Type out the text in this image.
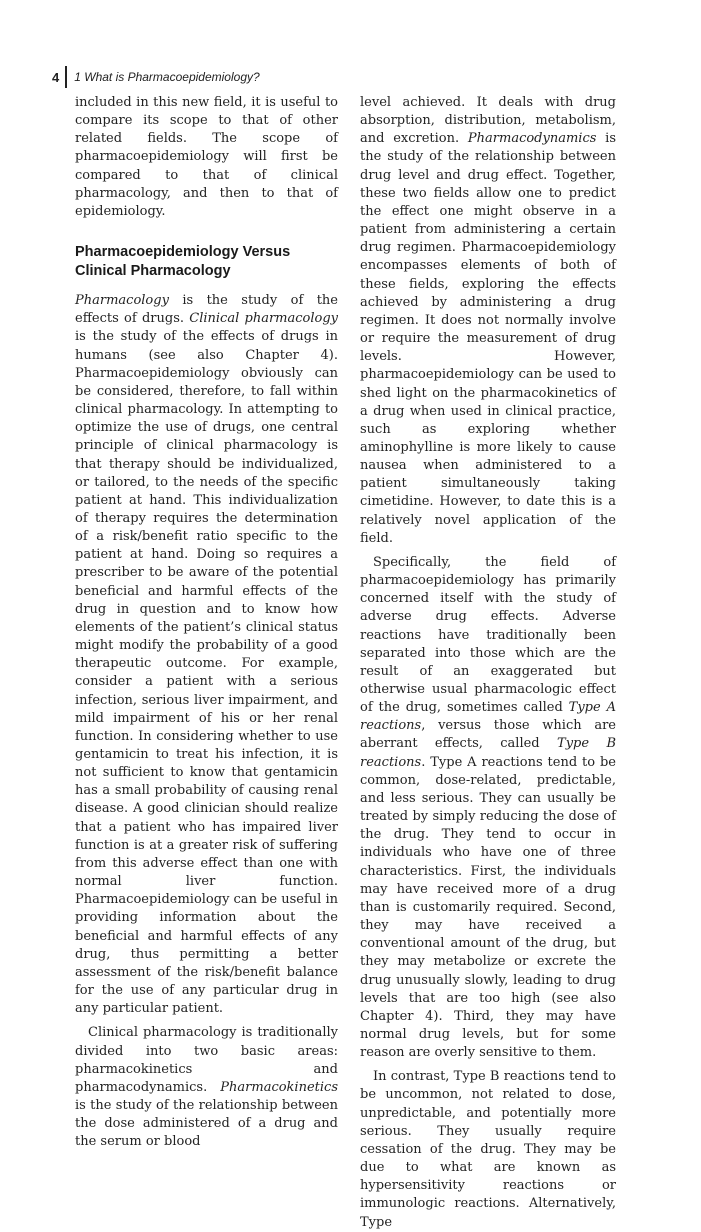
4 1 What is Pharmacoepidemiology?

included in this new field, it is useful to compare its scope to that of other related fields. The scope of pharmacoepidemiology will first be compared to that of clinical pharmacology, and then to that of epidemiology.

Pharmacoepidemiology Versus
Clinical Pharmacology

Pharmacology is the study of the effects of drugs. Clinical pharmacology is the study of the effects of drugs in humans (see also Chapter 4). Pharmacoepidemiology obviously can be considered, therefore, to fall within clinical pharmacology. In attempting to optimize the use of drugs, one central principle of clinical pharmacology is that therapy should be individualized, or tailored, to the needs of the specific patient at hand. This individualization of therapy requires the determination of a risk/benefit ratio specific to the patient at hand. Doing so requires a prescriber to be aware of the potential beneficial and harmful effects of the drug in question and to know how elements of the patient’s clinical status might modify the probability of a good therapeutic outcome. For example, consider a patient with a serious infection, serious liver impairment, and mild impairment of his or her renal function. In considering whether to use gentamicin to treat his infection, it is not sufficient to know that gentamicin has a small probability of causing renal disease. A good clinician should realize that a patient who has impaired liver function is at a greater risk of suffering from this adverse effect than one with normal liver function. Pharmacoepidemiology can be useful in providing information about the beneficial and harmful effects of any drug, thus permitting a better assessment of the risk/benefit balance for the use of any particular drug in any particular patient.

Clinical pharmacology is traditionally divided into two basic areas: pharmacokinetics and pharmacodynamics. Pharmacokinetics is the study of the relationship between the dose administered of a drug and the serum or blood

level achieved. It deals with drug absorption, distribution, metabolism, and excretion. Pharmacodynamics is the study of the relationship between drug level and drug effect. Together, these two fields allow one to predict the effect one might observe in a patient from administering a certain drug regimen. Pharmacoepidemiology encompasses elements of both of these fields, exploring the effects achieved by administering a drug regimen. It does not normally involve or require the measurement of drug levels. However, pharmacoepidemiology can be used to shed light on the pharmacokinetics of a drug when used in clinical practice, such as exploring whether aminophylline is more likely to cause nausea when administered to a patient simultaneously taking cimetidine. However, to date this is a relatively novel application of the field.

Specifically, the field of pharmacoepidemiology has primarily concerned itself with the study of adverse drug effects. Adverse reactions have traditionally been separated into those which are the result of an exaggerated but otherwise usual pharmacologic effect of the drug, sometimes called Type A reactions, versus those which are aberrant effects, called Type B reactions. Type A reactions tend to be common, dose-related, predictable, and less serious. They can usually be treated by simply reducing the dose of the drug. They tend to occur in individuals who have one of three characteristics. First, the individuals may have received more of a drug than is customarily required. Second, they may have received a conventional amount of the drug, but they may metabolize or excrete the drug unusually slowly, leading to drug levels that are too high (see also Chapter 4). Third, they may have normal drug levels, but for some reason are overly sensitive to them.

In contrast, Type B reactions tend to be uncommon, not related to dose, unpredictable, and potentially more serious. They usually require cessation of the drug. They may be due to what are known as hypersensitivity reactions or immunologic reactions. Alternatively, Type
